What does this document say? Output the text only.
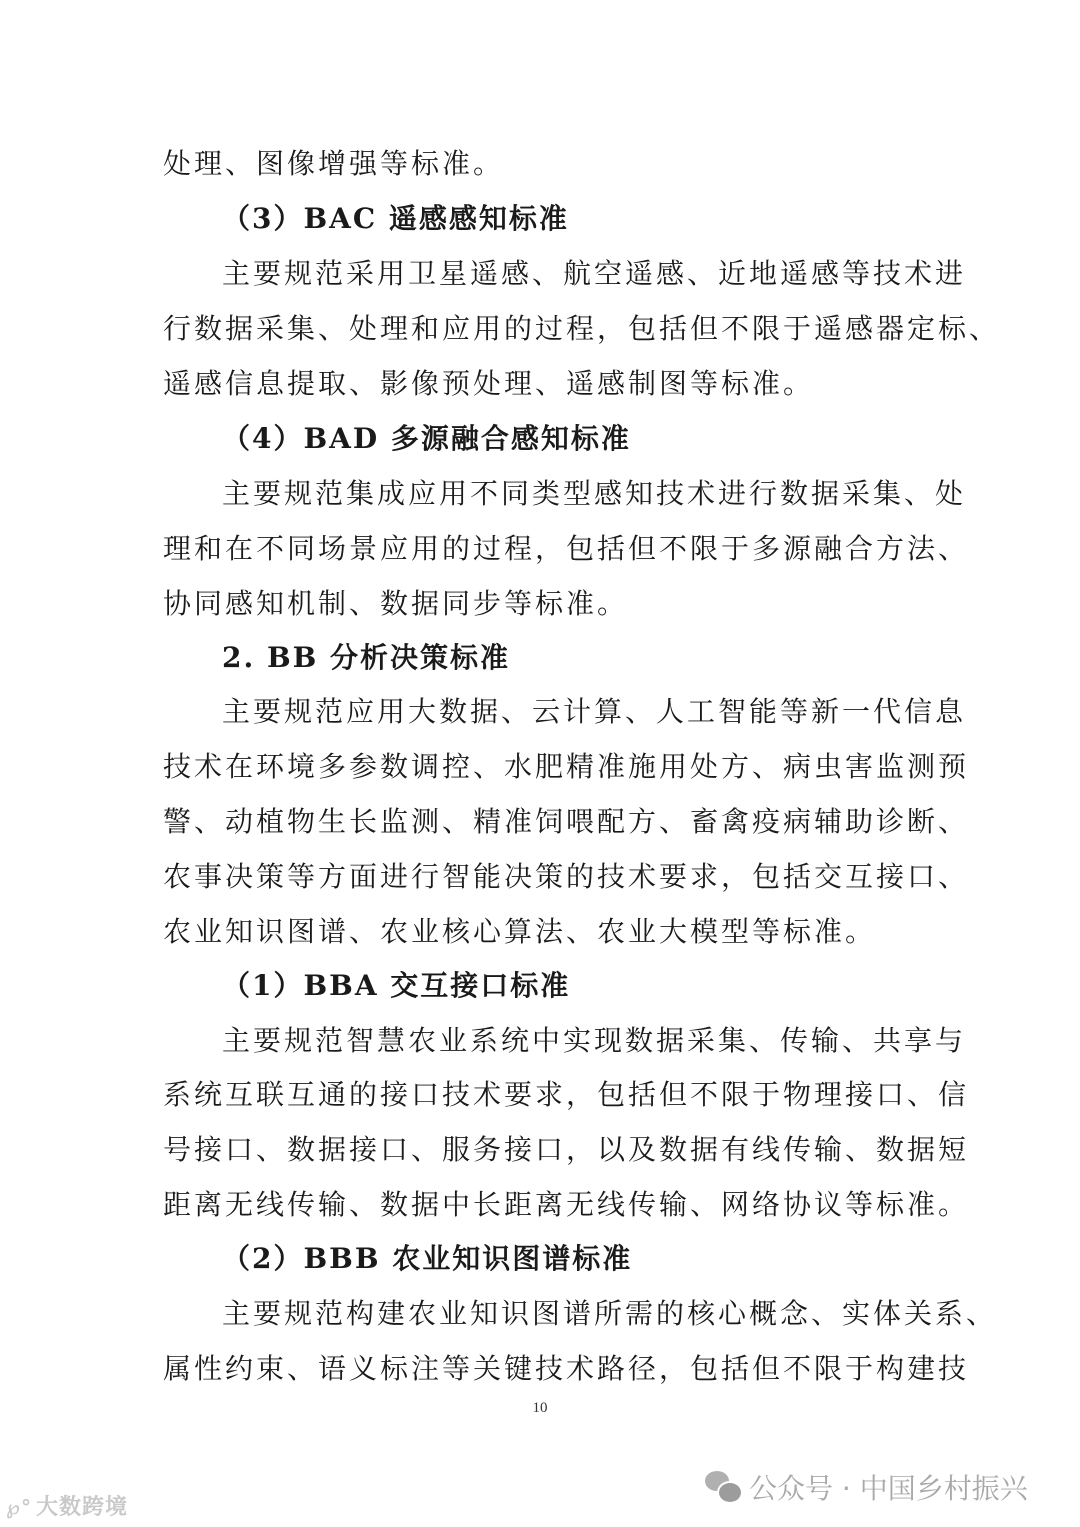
处理、图像增强等标准。
（3）BAC 遥感感知标准
主要规范采用卫星遥感、航空遥感、近地遥感等技术进
行数据采集、处理和应用的过程，包括但不限于遥感器定标、
遥感信息提取、影像预处理、遥感制图等标准。
（4）BAD 多源融合感知标准
主要规范集成应用不同类型感知技术进行数据采集、处
理和在不同场景应用的过程，包括但不限于多源融合方法、
协同感知机制、数据同步等标准。
2. BB 分析决策标准
主要规范应用大数据、云计算、人工智能等新一代信息
技术在环境多参数调控、水肥精准施用处方、病虫害监测预
警、动植物生长监测、精准饲喂配方、畜禽疫病辅助诊断、
农事决策等方面进行智能决策的技术要求，包括交互接口、
农业知识图谱、农业核心算法、农业大模型等标准。
（1）BBA 交互接口标准
主要规范智慧农业系统中实现数据采集、传输、共享与
系统互联互通的接口技术要求，包括但不限于物理接口、信
号接口、数据接口、服务接口，以及数据有线传输、数据短
距离无线传输、数据中长距离无线传输、网络协议等标准。
（2）BBB 农业知识图谱标准
主要规范构建农业知识图谱所需的核心概念、实体关系、
属性约束、语义标注等关键技术路径，包括但不限于构建技
10
℘° 大数跨境
公众号 · 中国乡村振兴
